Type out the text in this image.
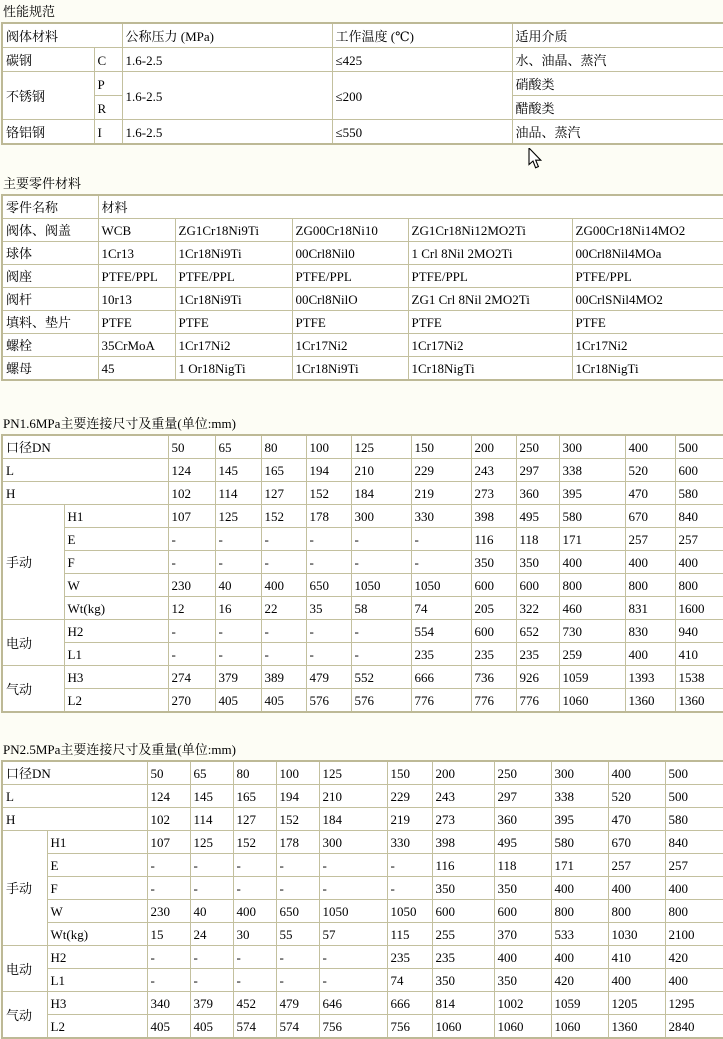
性能规范
阀体材料		公称压力 (MPa)	工作温度 (℃)	适用介质
碳钢	C	1.6-2.5	≤425	水、油晶、蒸汽
不锈钢	P	1.6-2.5	≤200	硝酸类
	R			醋酸类
铬铝钢	I	1.6-2.5	≤550	油品、蒸汽
主要零件材料
零件名称	材料				
阀体、阀盖	WCB	ZG1Cr18Ni9Ti	ZG00Cr18Ni10	ZG1Cr18Ni12MO2Ti	ZG00Cr18Ni14MO2
球体	1Cr13	1Cr18Ni9Ti	00Crl8Nil0	1 Crl 8Nil 2MO2Ti	00Crl8Nil4MOa
阀座	PTFE/PPL	PTFE/PPL	PTFE/PPL	PTFE/PPL	PTFE/PPL
阀杆	10r13	1Cr18Ni9Ti	00Crl8NilO	ZG1 Crl 8Nil 2MO2Ti	00CrlSNil4MO2
填料、垫片	PTFE	PTFE	PTFE	PTFE	PTFE
螺栓	35CrMoA	1Cr17Ni2	1Cr17Ni2	1Cr17Ni2	1Cr17Ni2
螺母	45	1 Or18NigTi	1Cr18Ni9Ti	1Cr18NigTi	1Cr18NigTi
PN1.6MPa主要连接尺寸及重量(单位:mm)
口径DN		50	65	80	100	125	150	200	250	300	400	500
L		124	145	165	194	210	229	243	297	338	520	600
H		102	114	127	152	184	219	273	360	395	470	580
手动	H1	107	125	152	178	300	330	398	495	580	670	840
	E	-	-	-	-	-	-	116	118	171	257	257
	F	-	-	-	-	-	-	350	350	400	400	400
	W	230	40	400	650	1050	1050	600	600	800	800	800
	Wt(kg)	12	16	22	35	58	74	205	322	460	831	1600
电动	H2	-	-	-	-	-	554	600	652	730	830	940
	L1	-	-	-	-	-	235	235	235	259	400	410
气动	H3	274	379	389	479	552	666	736	926	1059	1393	1538
	L2	270	405	405	576	576	776	776	776	1060	1360	1360
PN2.5MPa主要连接尺寸及重量(单位:mm)
口径DN		50	65	80	100	125	150	200	250	300	400	500
L		124	145	165	194	210	229	243	297	338	520	500
H		102	114	127	152	184	219	273	360	395	470	580
手动	H1	107	125	152	178	300	330	398	495	580	670	840
	E	-	-	-	-	-	-	116	118	171	257	257
	F	-	-	-	-	-	-	350	350	400	400	400
	W	230	40	400	650	1050	1050	600	600	800	800	800
	Wt(kg)	15	24	30	55	57	115	255	370	533	1030	2100
电动	H2	-	-	-	-	-	235	235	400	400	410	420
	L1	-	-	-	-	-	74	350	350	420	400	400
气动	H3	340	379	452	479	646	666	814	1002	1059	1205	1295
	L2	405	405	574	574	756	756	1060	1060	1060	1360	2840
